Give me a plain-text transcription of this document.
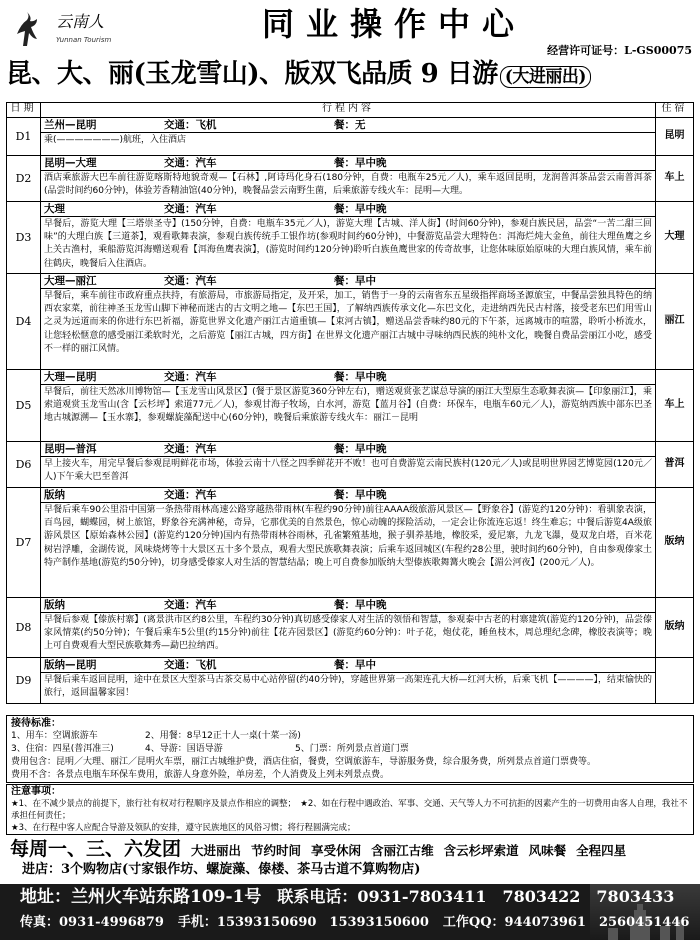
云南人
Yunnan Tourism	同业操作中心
经营许可证号：L-GS00075
昆、大、丽(玉龙雪山)、版双飞品质 9 日游 (大进丽出)
日期	行程内容	住宿
D1	兰州—昆明 交通：飞机 餐：无
乘(———————)航班，入住酒店	昆明
D2	昆明—大理 交通：汽车 餐：早中晚
酒店乘旅游大巴车前往游览喀斯特地貌奇观—【石林】,阿诗玛化身石(180分钟，自费：电瓶车25元／人)，乘车返回昆明，龙润普洱茶品尝云南普洱茶(品尝时间约60分钟)，体验芳香精油馆(40分钟)，晚餐品尝云南野生菌，后乘旅游专线火车：昆明—大理。	车上
D3	大理 交通：汽车 餐：早中晚
早餐后，游览大理【三塔崇圣寺】(150分钟，自费：电瓶车35元／人)，游览大理【古城、洋人街】(时间60分钟)，参观白族民居，品尝“一苦二甜三回味”的大理白族【三道茶】，观看歌舞表演，参观白族传统手工银作坊(参观时间约60分钟)，中餐游览品尝大理特色：洱海烂炖大金鱼，前往大理鱼鹰之乡上关古渔村，乘船游览洱海赠送观看【洱海鱼鹰表演】，(游览时间约120分钟)聆听白族鱼鹰世家的传奇故事，让您体味原始原味的大理白族风情，乘车前往鹤庆，晚餐后入住酒店。	大理
D4	大理—丽江 交通：汽车 餐：早中
早餐后，乘车前往市政府重点扶持，有旅游局，市旅游局指定，及开采，加工，销售于一身的云南省东五星级指挥商场圣源旅宝，中餐品尝独具特色的纳西农家菜，前往神圣玉龙雪山脚下神秘而迷古的古文明之地—【东巴王国】，了解纳西族传承文化—东巴文化，走进纳西先民古村落，接受老东巴们用雪山之灵为远道而来的你进行东巴祈福，游览世界文化遗产丽江古道重镇—【束河古镇】，赠送品尝香味约80元的下午茶，远离城市的喧嚣，聆听小桥流水，让您轻松惬意的感受丽江柔软时光，之后游览【丽江古城，四方街】在世界文化遗产丽江古城中寻味纳西民族的纯朴文化，晚餐自费品尝丽江小吃，感受不一样的丽江风情。	丽江
D5	大理—昆明 交通：汽车 餐：早中晚
早餐后，前往天然冰川博物馆—【玉龙雪山风景区】(餐于景区游览360分钟左右)，赠送观赏张艺谋总导演的丽江大型原生态歌舞表演—【印象丽江】，乘索道观赏玉龙雪山(含【云杉坪】索道77元／人)，参观甘海子牧场，白水河，游览【蓝月谷】(自费：环保车，电瓶车60元／人)，游览纳西族中部东巴圣地古城源溯—【玉水寨】，参观螺旋藻配送中心(60分钟)，晚餐后乘旅游专线火车：丽江－昆明	车上
D6	昆明—普洱 交通：汽车 餐：早中晚
早上接火车，用完早餐后参观昆明鲜花市场，体验云南十八怪之四季鲜花开不败！也可自费游览云南民族村(120元／人)或昆明世界园艺博览园(120元／人)下午乘大巴至普洱	普洱
D7	版纳 交通：汽车 餐：早中晚
早餐后乘车90公里沿中国第一条热带雨林高速公路穿越热带雨林(车程约90分钟)前往AAAA级旅游风景区—【野象谷】(游览约120分钟)：看驯象表演，百鸟园，蝴蝶园，树上旅馆，野象谷充满神秘，奇异，它那优美的自然景色，惊心动魄的探险活动，一定会让你流连忘返！终生难忘；中餐后游览4A级旅游风景区【原始森林公园】(游览约120分钟)国内有热带雨林谷雨林，孔雀繁殖基地，猴子驯养基地，橡胶采，爱尼寨，九龙飞瀑，曼双龙白塔，百米花树岩浮雕，金湖传说，风味烧烤等十大景区五十多个景点，观看大型民族歌舞表演；后乘车返回城区(车程约28公里，驶时间约60分钟)，自由参观傣家土特产制作基地(游览约50分钟)，切身感受傣家人对生活的智慧结晶；晚上可自费参加版纳大型傣族歌舞篝火晚会【湄公河夜】(200元／人)。	版纳
D8	版纳 交通：汽车 餐：早中晚
早餐后参观【傣族村寨】(离景洪市区约8公里，车程约30分钟)真切感受傣家人对生活的领悟和智慧，参观泰中古老的村寨建筑(游览约120分钟)，品尝傣家风情菜(约50分钟)；午餐后乘车5公里(约15分钟)前往【花卉园景区】(游览约60分钟)：叶子花，炮仗花，睡鱼枝木，周总理纪念碑，橡胶表演等；晚上可自费观看大型民族歌舞秀—勐巴拉纳西。	版纳
D9	版纳—昆明 交通：飞机 餐：早中
早餐后乘车返回昆明，途中在景区大型茶马古茶交易中心站停留(约40分钟)，穿越世界第一高架连孔大桥—红河大桥，后乘飞机【————】，结束愉快的旅行，返回温馨家园！	

接待标准：
1、用车：空调旅游车	2、用餐：8早12正十人一桌(十菜一汤)
3、住宿：四星(普洱准三)	4、导游：国语导游	5、门票：所列景点首道门票
费用包含：昆明／大理、丽江／昆明火车票，丽江古城维护费，酒店住宿，餐费，空调旅游车，导游服务费，综合服务费，所列景点首道门票费等。
费用不含：各景点电瓶车环保车费用，旅游人身意外险，单房差，个人消费及上列未列景点费。
注意事项：
★1、在不减少景点的前提下，旅行社有权对行程顺序及景点作相应的调整；　★2、如在行程中遇政治、军事、交通、天气等人力不可抗拒的因素产生的一切费用由客人自理，我社不承担任何责任；
★3、在行程中客人应配合导游及领队的安排，遵守民族地区的风俗习惯；将行程圆满完成；
每周一、三、六发团 大进丽出 节约时间 享受休闲 含丽江古维 含云杉坪索道 风味餐 全程四星
进店：3个购物店(寸家银作坊、螺旋藻、傣楼、茶马古道不算购物店)
地址：兰州火车站东路109-1号　 联系电话：0931-7803411　7803422　7803433
传真：0931-4996879 手机：15393150690　15393150600 工作QQ：944073961　2560451446
